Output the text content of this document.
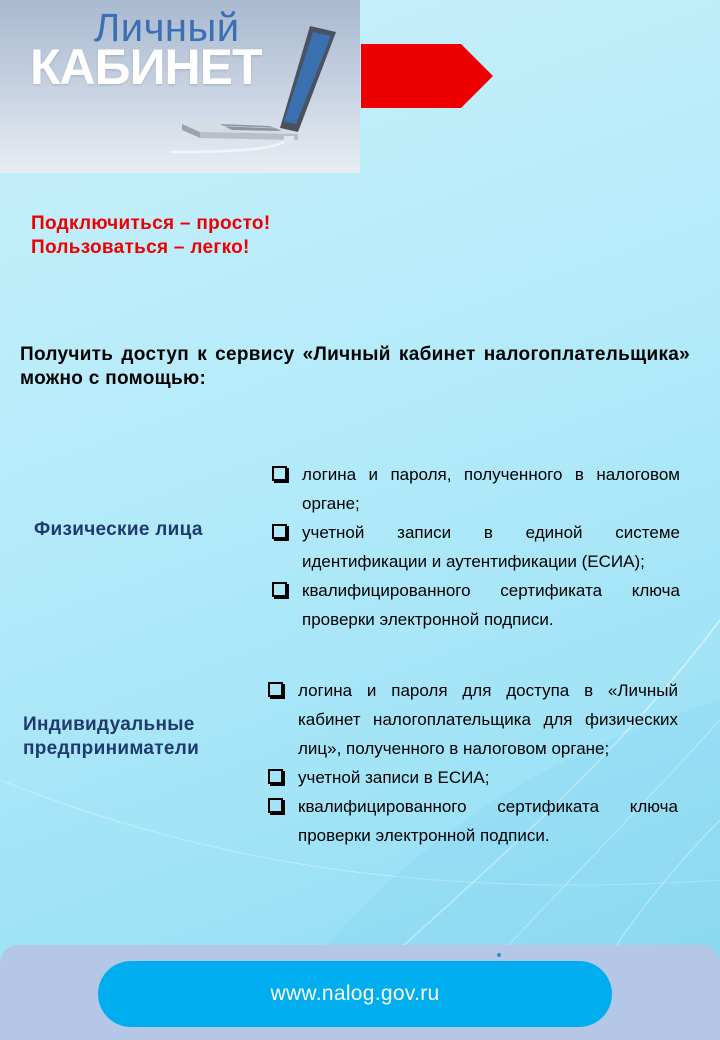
Личный
КАБИНЕТ
Подключиться – просто!
Пользоваться – легко!
Получить доступ к сервису «Личный кабинет налогоплательщика» можно с помощью:
Физические лица
логина и пароля, полученного в налоговом органе;
учетной записи в единой системе идентификации и аутентификации (ЕСИА);
квалифицированного сертификата ключа проверки электронной подписи.
Индивидуальные
предприниматели
логина и пароля для доступа в «Личный кабинет налогоплательщика для физических лиц», полученного в налоговом органе;
учетной записи в ЕСИА;
квалифицированного сертификата ключа проверки электронной подписи.
www.nalog.gov.ru
